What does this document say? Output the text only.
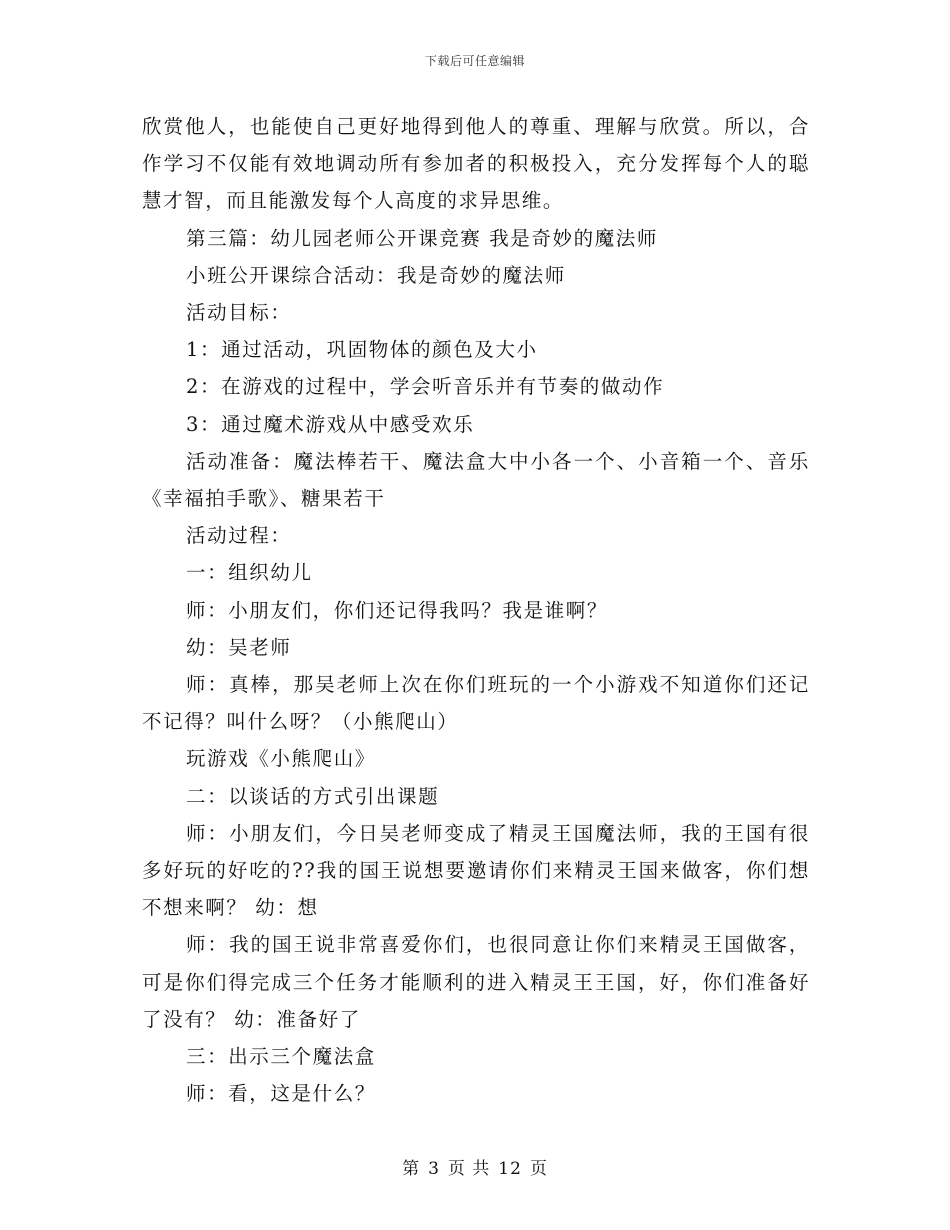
下载后可任意编辑

欣赏他人，也能使自己更好地得到他人的尊重、理解与欣赏。所以，合作学习不仅能有效地调动所有参加者的积极投入，充分发挥每个人的聪慧才智，而且能激发每个人高度的求异思维。

第三篇：幼儿园老师公开课竞赛 我是奇妙的魔法师

小班公开课综合活动：我是奇妙的魔法师

活动目标：

1：通过活动，巩固物体的颜色及大小

2：在游戏的过程中，学会听音乐并有节奏的做动作

3：通过魔术游戏从中感受欢乐

活动准备：魔法棒若干、魔法盒大中小各一个、小音箱一个、音乐《幸福拍手歌》、糖果若干

活动过程：

一：组织幼儿

师：小朋友们，你们还记得我吗？我是谁啊？

幼：吴老师

师：真棒，那吴老师上次在你们班玩的一个小游戏不知道你们还记不记得？叫什么呀？（小熊爬山）

玩游戏《小熊爬山》

二：以谈话的方式引出课题

师：小朋友们，今日吴老师变成了精灵王国魔法师，我的王国有很多好玩的好吃的??我的国王说想要邀请你们来精灵王国来做客，你们想不想来啊？ 幼：想

师：我的国王说非常喜爱你们，也很同意让你们来精灵王国做客，可是你们得完成三个任务才能顺利的进入精灵王王国，好，你们准备好了没有？ 幼：准备好了

三：出示三个魔法盒

师：看，这是什么？

第 3 页 共 12 页
